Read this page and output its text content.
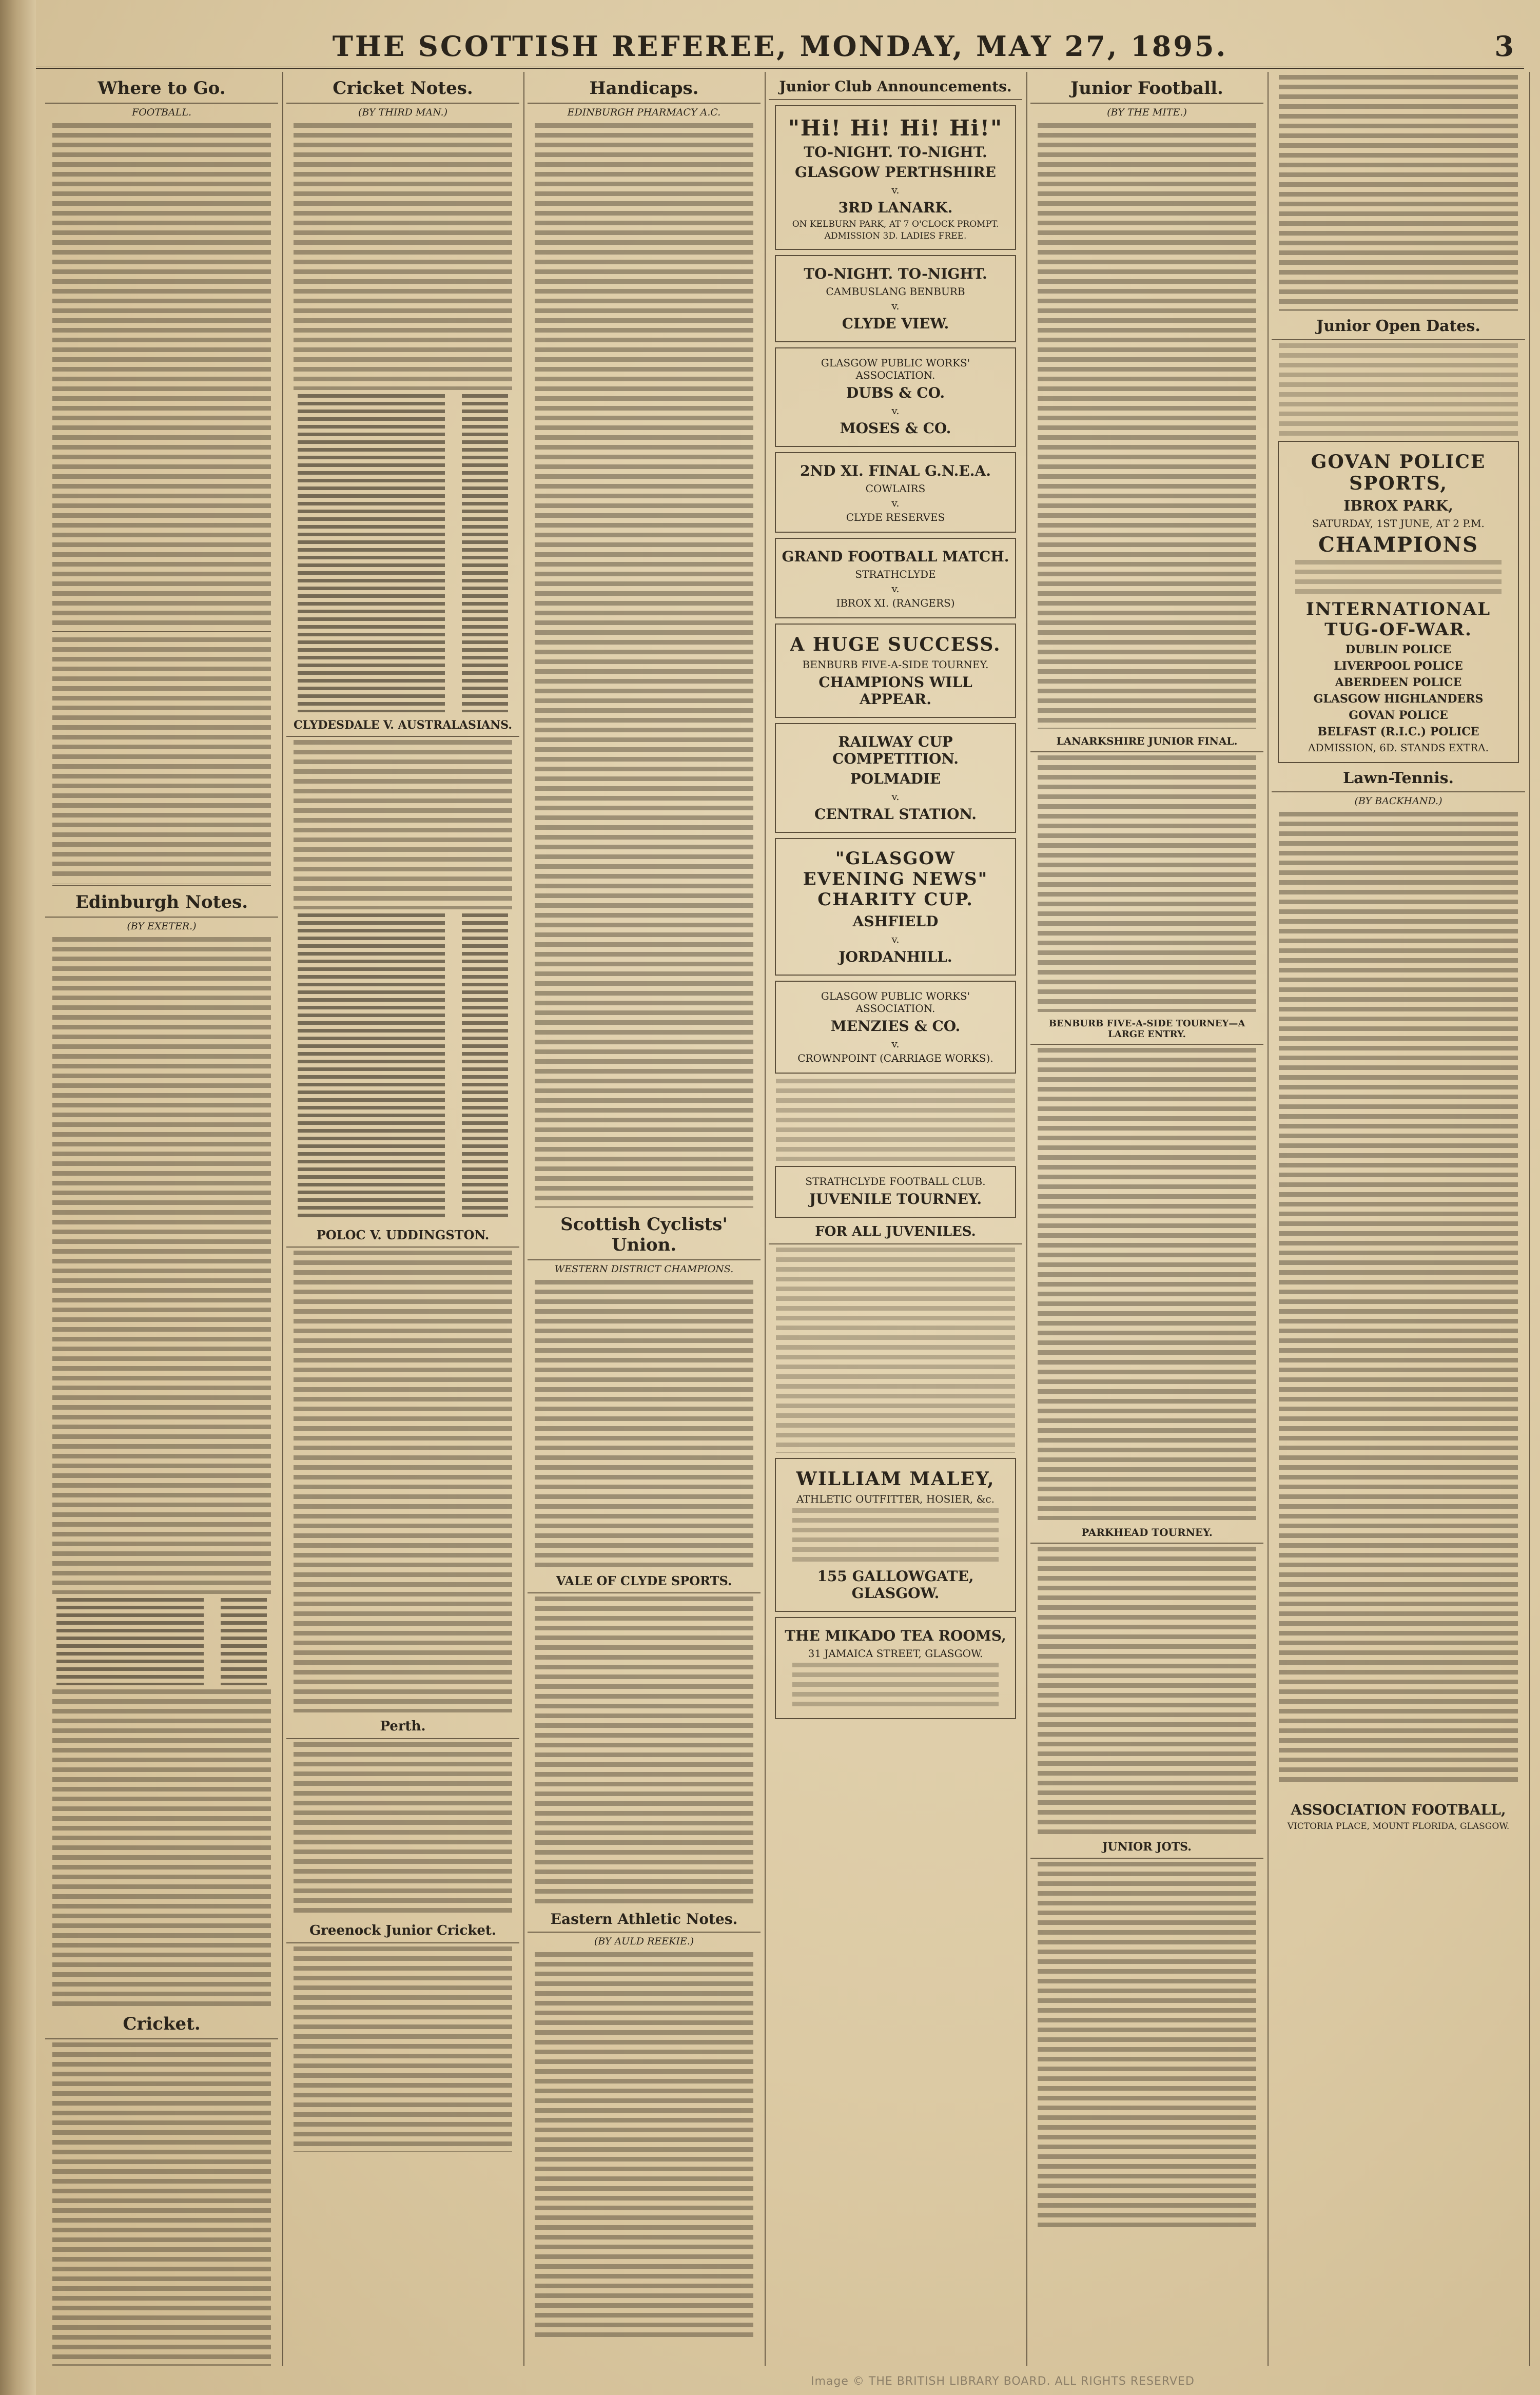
THE SCOTTISH REFEREE, MONDAY, MAY 27, 1895.	3
Where to Go.
FOOTBALL.
Edinburgh Notes.
(BY EXETER.)
Cricket.
Cricket Notes.
(BY THIRD MAN.)
CLYDESDALE V. AUSTRALASIANS.
POLOC V. UDDINGSTON.
Perth.
Greenock Junior Cricket.
Handicaps.
EDINBURGH PHARMACY A.C.
Scottish Cyclists' Union.
WESTERN DISTRICT CHAMPIONS.
VALE OF CLYDE SPORTS.
Eastern Athletic Notes.
(BY AULD REEKIE.)
Junior Club Announcements.
"Hi! Hi! Hi! Hi!"
TO-NIGHT. TO-NIGHT.
GLASGOW PERTHSHIRE
v.
3RD LANARK.
ON KELBURN PARK, AT 7 O'CLOCK PROMPT.
ADMISSION 3D. LADIES FREE.
TO-NIGHT. TO-NIGHT.
CAMBUSLANG BENBURB
v.
CLYDE VIEW.
GLASGOW PUBLIC WORKS' ASSOCIATION.
DUBS & CO.
v.
MOSES & CO.
2ND XI. FINAL G.N.E.A.
COWLAIRS
v.
CLYDE RESERVES
GRAND FOOTBALL MATCH.
STRATHCLYDE
v.
IBROX XI. (RANGERS)
A HUGE SUCCESS.
BENBURB FIVE-A-SIDE TOURNEY.
CHAMPIONS WILL APPEAR.
RAILWAY CUP COMPETITION.
POLMADIE
v.
CENTRAL STATION.
"GLASGOW EVENING NEWS" CHARITY CUP.
ASHFIELD
v.
JORDANHILL.
GLASGOW PUBLIC WORKS' ASSOCIATION.
MENZIES & CO.
v.
CROWNPOINT (CARRIAGE WORKS).
STRATHCLYDE FOOTBALL CLUB.
JUVENILE TOURNEY.
FOR ALL JUVENILES.
WILLIAM MALEY,
ATHLETIC OUTFITTER, HOSIER, &c.
155 GALLOWGATE, GLASGOW.
THE MIKADO TEA ROOMS,
31 JAMAICA STREET, GLASGOW.
Junior Football.
(BY THE MITE.)
LANARKSHIRE JUNIOR FINAL.
BENBURB FIVE-A-SIDE TOURNEY—A LARGE ENTRY.
PARKHEAD TOURNEY.
JUNIOR JOTS.
Junior Open Dates.
GOVAN POLICE SPORTS,
IBROX PARK,
SATURDAY, 1ST JUNE, AT 2 P.M.
CHAMPIONS
INTERNATIONAL TUG-OF-WAR.
DUBLIN POLICE
LIVERPOOL POLICE
ABERDEEN POLICE
GLASGOW HIGHLANDERS
GOVAN POLICE
BELFAST (R.I.C.) POLICE
ADMISSION, 6D. STANDS EXTRA.
Lawn-Tennis.
(BY BACKHAND.)
ASSOCIATION FOOTBALL,
VICTORIA PLACE, MOUNT FLORIDA, GLASGOW.
Image © THE BRITISH LIBRARY BOARD. ALL RIGHTS RESERVED
